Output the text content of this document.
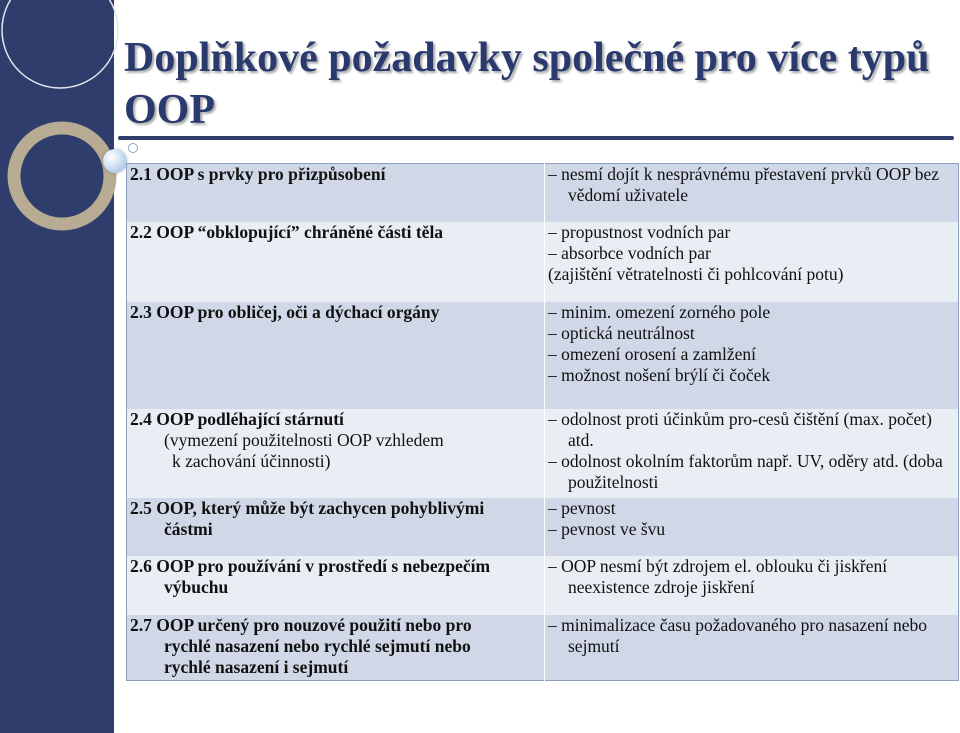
Doplňkové požadavky společné pro více typů OOP
2.1 OOP s prvky pro přizpůsobení	– nesmí dojít k nesprávnému přestavení prvků OOP bez vědomí uživatele

2.2 OOP “obklopující” chráněné části těla	– propustnost vodních par
– absorbce vodních par
(zajištění větratelnosti či pohlcování potu)

2.3 OOP pro obličej, oči a dýchací orgány	– minim. omezení zorného pole
– optická neutrálnost
– omezení orosení a zamlžení
– možnost nošení brýlí či čoček

2.4 OOP podléhající stárnutí
(vymezení použitelnosti OOP vzhledem
k zachování účinnosti)	– odolnost proti účinkům pro-cesů čištění (max. počet) atd.
– odolnost okolním faktorům např. UV, oděry atd. (doba použitelnosti

2.5 OOP, který může být zachycen pohyblivými
částmi	– pevnost
– pevnost ve švu

2.6 OOP pro používání v prostředí s nebezpečím
výbuchu	– OOP nesmí být zdrojem el. oblouku či jiskření neexistence zdroje jiskření

2.7 OOP určený pro nouzové použití nebo pro
rychlé nasazení nebo rychlé sejmutí nebo
rychlé nasazení i sejmutí	– minimalizace času požadovaného pro nasazení nebo sejmutí
